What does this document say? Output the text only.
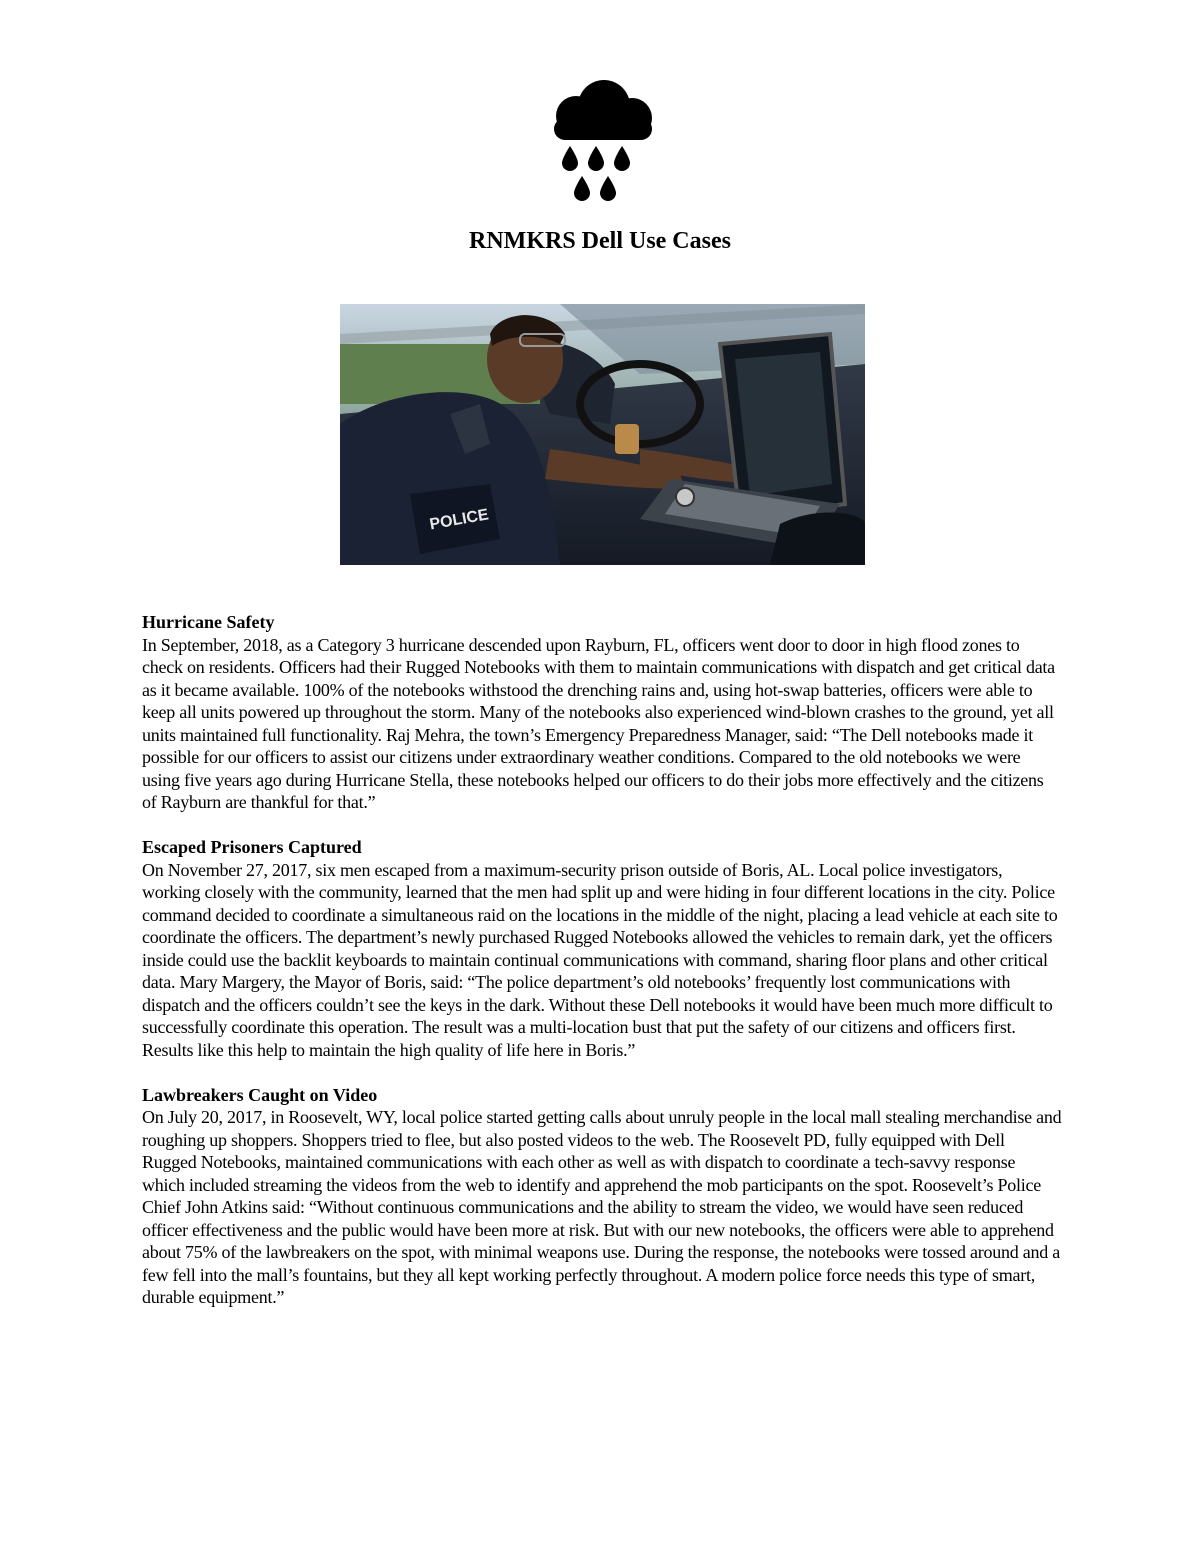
RNMKRS Dell Use Cases
POLICE
Hurricane Safety

In September, 2018, as a Category 3 hurricane descended upon Rayburn, FL, officers went door to door in high flood zones to check on residents. Officers had their Rugged Notebooks with them to maintain communications with dispatch and get critical data as it became available. 100% of the notebooks withstood the drenching rains and, using hot-swap batteries, officers were able to keep all units powered up throughout the storm. Many of the notebooks also experienced wind-blown crashes to the ground, yet all units maintained full functionality. Raj Mehra, the town’s Emergency Preparedness Manager, said: “The Dell notebooks made it possible for our officers to assist our citizens under extraordinary weather conditions. Compared to the old notebooks we were using five years ago during Hurricane Stella, these notebooks helped our officers to do their jobs more effectively and the citizens of Rayburn are thankful for that.”

Escaped Prisoners Captured

On November 27, 2017, six men escaped from a maximum-security prison outside of Boris, AL. Local police investigators, working closely with the community, learned that the men had split up and were hiding in four different locations in the city. Police command decided to coordinate a simultaneous raid on the locations in the middle of the night, placing a lead vehicle at each site to coordinate the officers. The department’s newly purchased Rugged Notebooks allowed the vehicles to remain dark, yet the officers inside could use the backlit keyboards to maintain continual communications with command, sharing floor plans and other critical data. Mary Margery, the Mayor of Boris, said: “The police department’s old notebooks’ frequently lost communications with dispatch and the officers couldn’t see the keys in the dark. Without these Dell notebooks it would have been much more difficult to successfully coordinate this operation. The result was a multi-location bust that put the safety of our citizens and officers first. Results like this help to maintain the high quality of life here in Boris.”

Lawbreakers Caught on Video

On July 20, 2017, in Roosevelt, WY, local police started getting calls about unruly people in the local mall stealing merchandise and roughing up shoppers. Shoppers tried to flee, but also posted videos to the web. The Roosevelt PD, fully equipped with Dell Rugged Notebooks, maintained communications with each other as well as with dispatch to coordinate a tech-savvy response which included streaming the videos from the web to identify and apprehend the mob participants on the spot. Roosevelt’s Police Chief John Atkins said: “Without continuous communications and the ability to stream the video, we would have seen reduced officer effectiveness and the public would have been more at risk. But with our new notebooks, the officers were able to apprehend about 75% of the lawbreakers on the spot, with minimal weapons use. During the response, the notebooks were tossed around and a few fell into the mall’s fountains, but they all kept working perfectly throughout. A modern police force needs this type of smart, durable equipment.”
